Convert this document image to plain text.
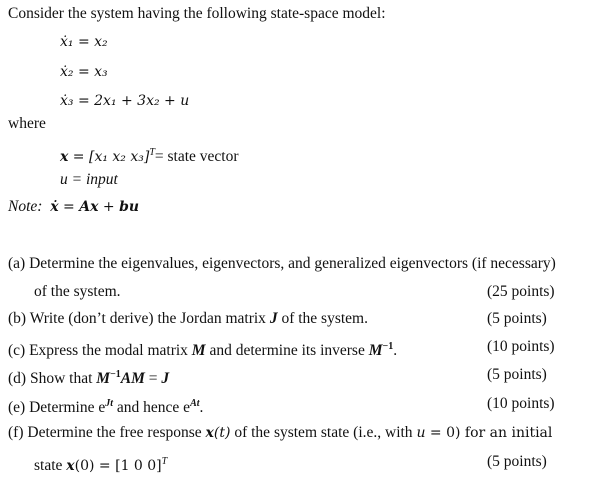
Consider the system having the following state-space model:
ẋ₁ = x₂
ẋ₂ = x₃
ẋ₃ = 2x₁ + 3x₂ + u
where
x = [x₁ x₂ x₃]$^T$= state vector
u = input
Note: ẋ = Ax + bu
(a) Determine the eigenvalues, eigenvectors, and generalized eigenvectors (if necessary)
of the system.	(25 points)
(b) Write (don’t derive) the Jordan matrix J of the system.	(5 points)
(c) Express the modal matrix M and determine its inverse $M^{-1}$.	(10 points)
(d) Show that $M^{-1}AM = J$	(5 points)
(e) Determine $e^{Jt}$ and hence $e^{At}$.	(10 points)
(f) Determine the free response x(t) of the system state (i.e., with u = 0) for an initial
state x(0) = [1 0 0]$^T$	(5 points)
